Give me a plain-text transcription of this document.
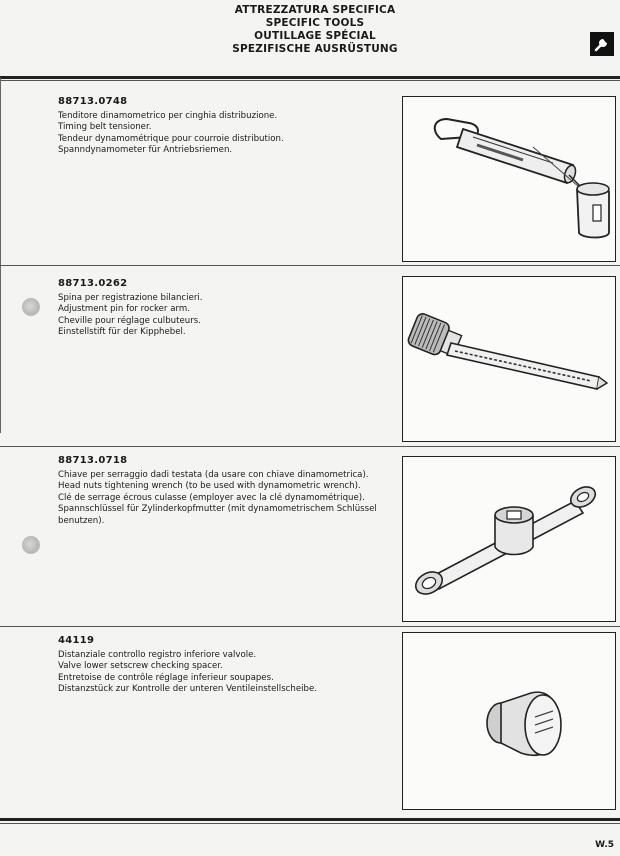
ATTREZZATURA SPECIFICA
SPECIFIC TOOLS
OUTILLAGE SPÉCIAL
SPEZIFISCHE AUSRÜSTUNG
88713.0748
Tenditore dinamometrico per cinghia distribuzione.
Timing belt tensioner.
Tendeur dynamométrique pour courroie distribution.
Spanndynamometer für Antriebsriemen.
88713.0262
Spina per registrazione bilancieri.
Adjustment pin for rocker arm.
Cheville pour réglage culbuteurs.
Einstellstift für der Kipphebel.
88713.0718
Chiave per serraggio dadi testata (da usare con chiave dinamometrica).
Head nuts tightening wrench (to be used with dynamometric wrench).
Clé de serrage écrous culasse (employer avec la clé dynamométrique).
Spannschlüssel für Zylinderkopfmutter (mit dynamometrischem Schlüssel benutzen).
44119
Distanziale controllo registro inferiore valvole.
Valve lower setscrew checking spacer.
Entretoise de contrôle réglage inferieur soupapes.
Distanzstück zur Kontrolle der unteren Ventileinstellscheibe.
W.5
